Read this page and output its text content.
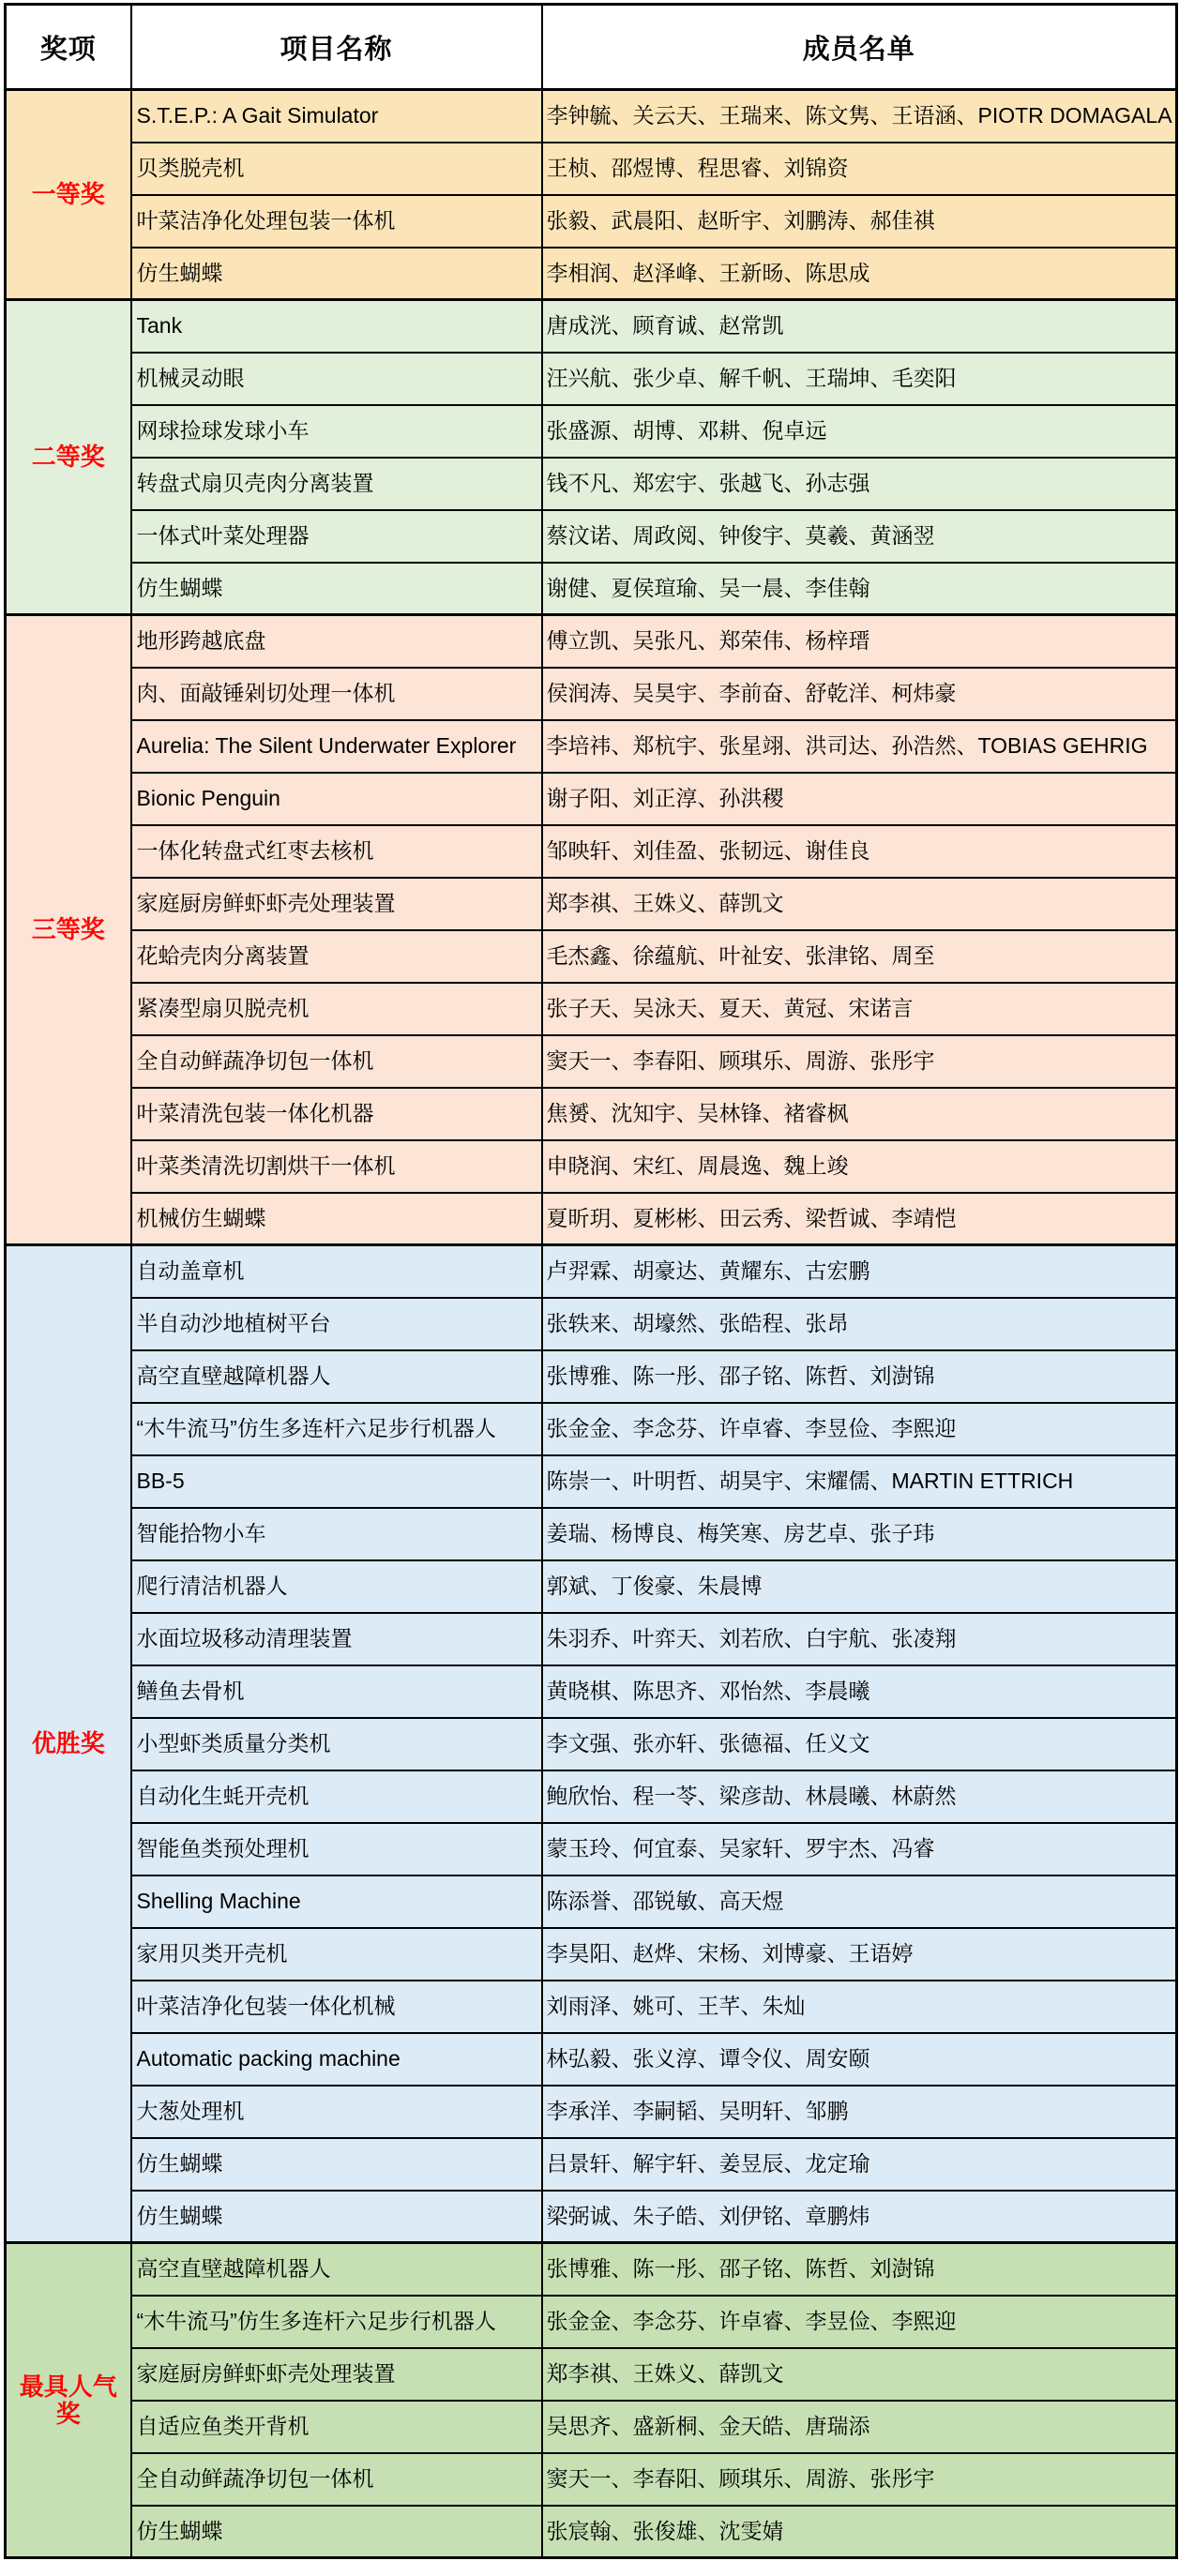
奖项	项目名称	成员名单
一等奖	S.T.E.P.: A Gait Simulator	李钟毓、关云天、王瑞来、陈文隽、王语涵、PIOTR DOMAGALA
	贝类脱壳机	王桢、邵煜博、程思睿、刘锦资
	叶菜洁净化处理包装一体机	张毅、武晨阳、赵昕宇、刘鹏涛、郝佳祺
	仿生蝴蝶	李相润、赵泽峰、王新旸、陈思成
二等奖	Tank	唐成洸、顾育诚、赵常凯
	机械灵动眼	汪兴航、张少卓、解千帆、王瑞坤、毛奕阳
	网球捡球发球小车	张盛源、胡博、邓耕、倪卓远
	转盘式扇贝壳肉分离装置	钱不凡、郑宏宇、张越飞、孙志强
	一体式叶菜处理器	蔡汶诺、周政阅、钟俊宇、莫羲、黄涵翌
	仿生蝴蝶	谢健、夏侯瑄瑜、吴一晨、李佳翰
三等奖	地形跨越底盘	傅立凯、吴张凡、郑荣伟、杨梓瑨
	肉、面敲锤剁切处理一体机	侯润涛、吴昊宇、李前奋、舒乾洋、柯炜豪
	Aurelia: The Silent Underwater Explorer	李培祎、郑杭宇、张星翊、洪司达、孙浩然、TOBIAS GEHRIG
	Bionic Penguin	谢子阳、刘正淳、孙洪稷
	一体化转盘式红枣去核机	邹映轩、刘佳盈、张韧远、谢佳良
	家庭厨房鲜虾虾壳处理装置	郑李祺、王姝义、薛凯文
	花蛤壳肉分离装置	毛杰鑫、徐蕴航、叶祉安、张津铭、周至
	紧凑型扇贝脱壳机	张子天、吴泳天、夏天、黄冠、宋诺言
	全自动鲜蔬净切包一体机	窦天一、李春阳、顾琪乐、周游、张彤宇
	叶菜清洗包装一体化机器	焦赟、沈知宇、吴林锋、褚睿枫
	叶菜类清洗切割烘干一体机	申晓润、宋红、周晨逸、魏上竣
	机械仿生蝴蝶	夏昕玥、夏彬彬、田云秀、梁哲诚、李靖恺
优胜奖	自动盖章机	卢羿霖、胡豪达、黄耀东、古宏鹏
	半自动沙地植树平台	张轶来、胡壕然、张皓程、张昂
	高空直壁越障机器人	张博雅、陈一彤、邵子铭、陈哲、刘澍锦
	“木牛流马”仿生多连杆六足步行机器人	张金金、李念芬、许卓睿、李昱俭、李熙迎
	BB-5	陈崇一、叶明哲、胡昊宇、宋耀儒、MARTIN ETTRICH
	智能拾物小车	姜瑞、杨博良、梅笑寒、房艺卓、张子玮
	爬行清洁机器人	郭斌、丁俊豪、朱晨博
	水面垃圾移动清理装置	朱羽乔、叶弈天、刘若欣、白宇航、张凌翔
	鳝鱼去骨机	黄晓棋、陈思齐、邓怡然、李晨曦
	小型虾类质量分类机	李文强、张亦轩、张德福、任义文
	自动化生蚝开壳机	鲍欣怡、程一苓、梁彦劼、林晨曦、林蔚然
	智能鱼类预处理机	蒙玉玲、何宜泰、吴家轩、罗宇杰、冯睿
	Shelling Machine	陈添誉、邵锐敏、高天煜
	家用贝类开壳机	李昊阳、赵烨、宋杨、刘博豪、王语婷
	叶菜洁净化包装一体化机械	刘雨泽、姚可、王芊、朱灿
	Automatic packing machine	林弘毅、张义淳、谭令仪、周安颐
	大葱处理机	李承洋、李嗣韬、吴明轩、邹鹏
	仿生蝴蝶	吕景轩、解宇轩、姜昱辰、龙定瑜
	仿生蝴蝶	梁弼诚、朱子皓、刘伊铭、章鹏炜
最具人气奖	高空直壁越障机器人	张博雅、陈一彤、邵子铭、陈哲、刘澍锦
	“木牛流马”仿生多连杆六足步行机器人	张金金、李念芬、许卓睿、李昱俭、李熙迎
	家庭厨房鲜虾虾壳处理装置	郑李祺、王姝义、薛凯文
	自适应鱼类开背机	吴思齐、盛新桐、金天皓、唐瑞添
	全自动鲜蔬净切包一体机	窦天一、李春阳、顾琪乐、周游、张彤宇
	仿生蝴蝶	张宸翰、张俊雄、沈雯婧
